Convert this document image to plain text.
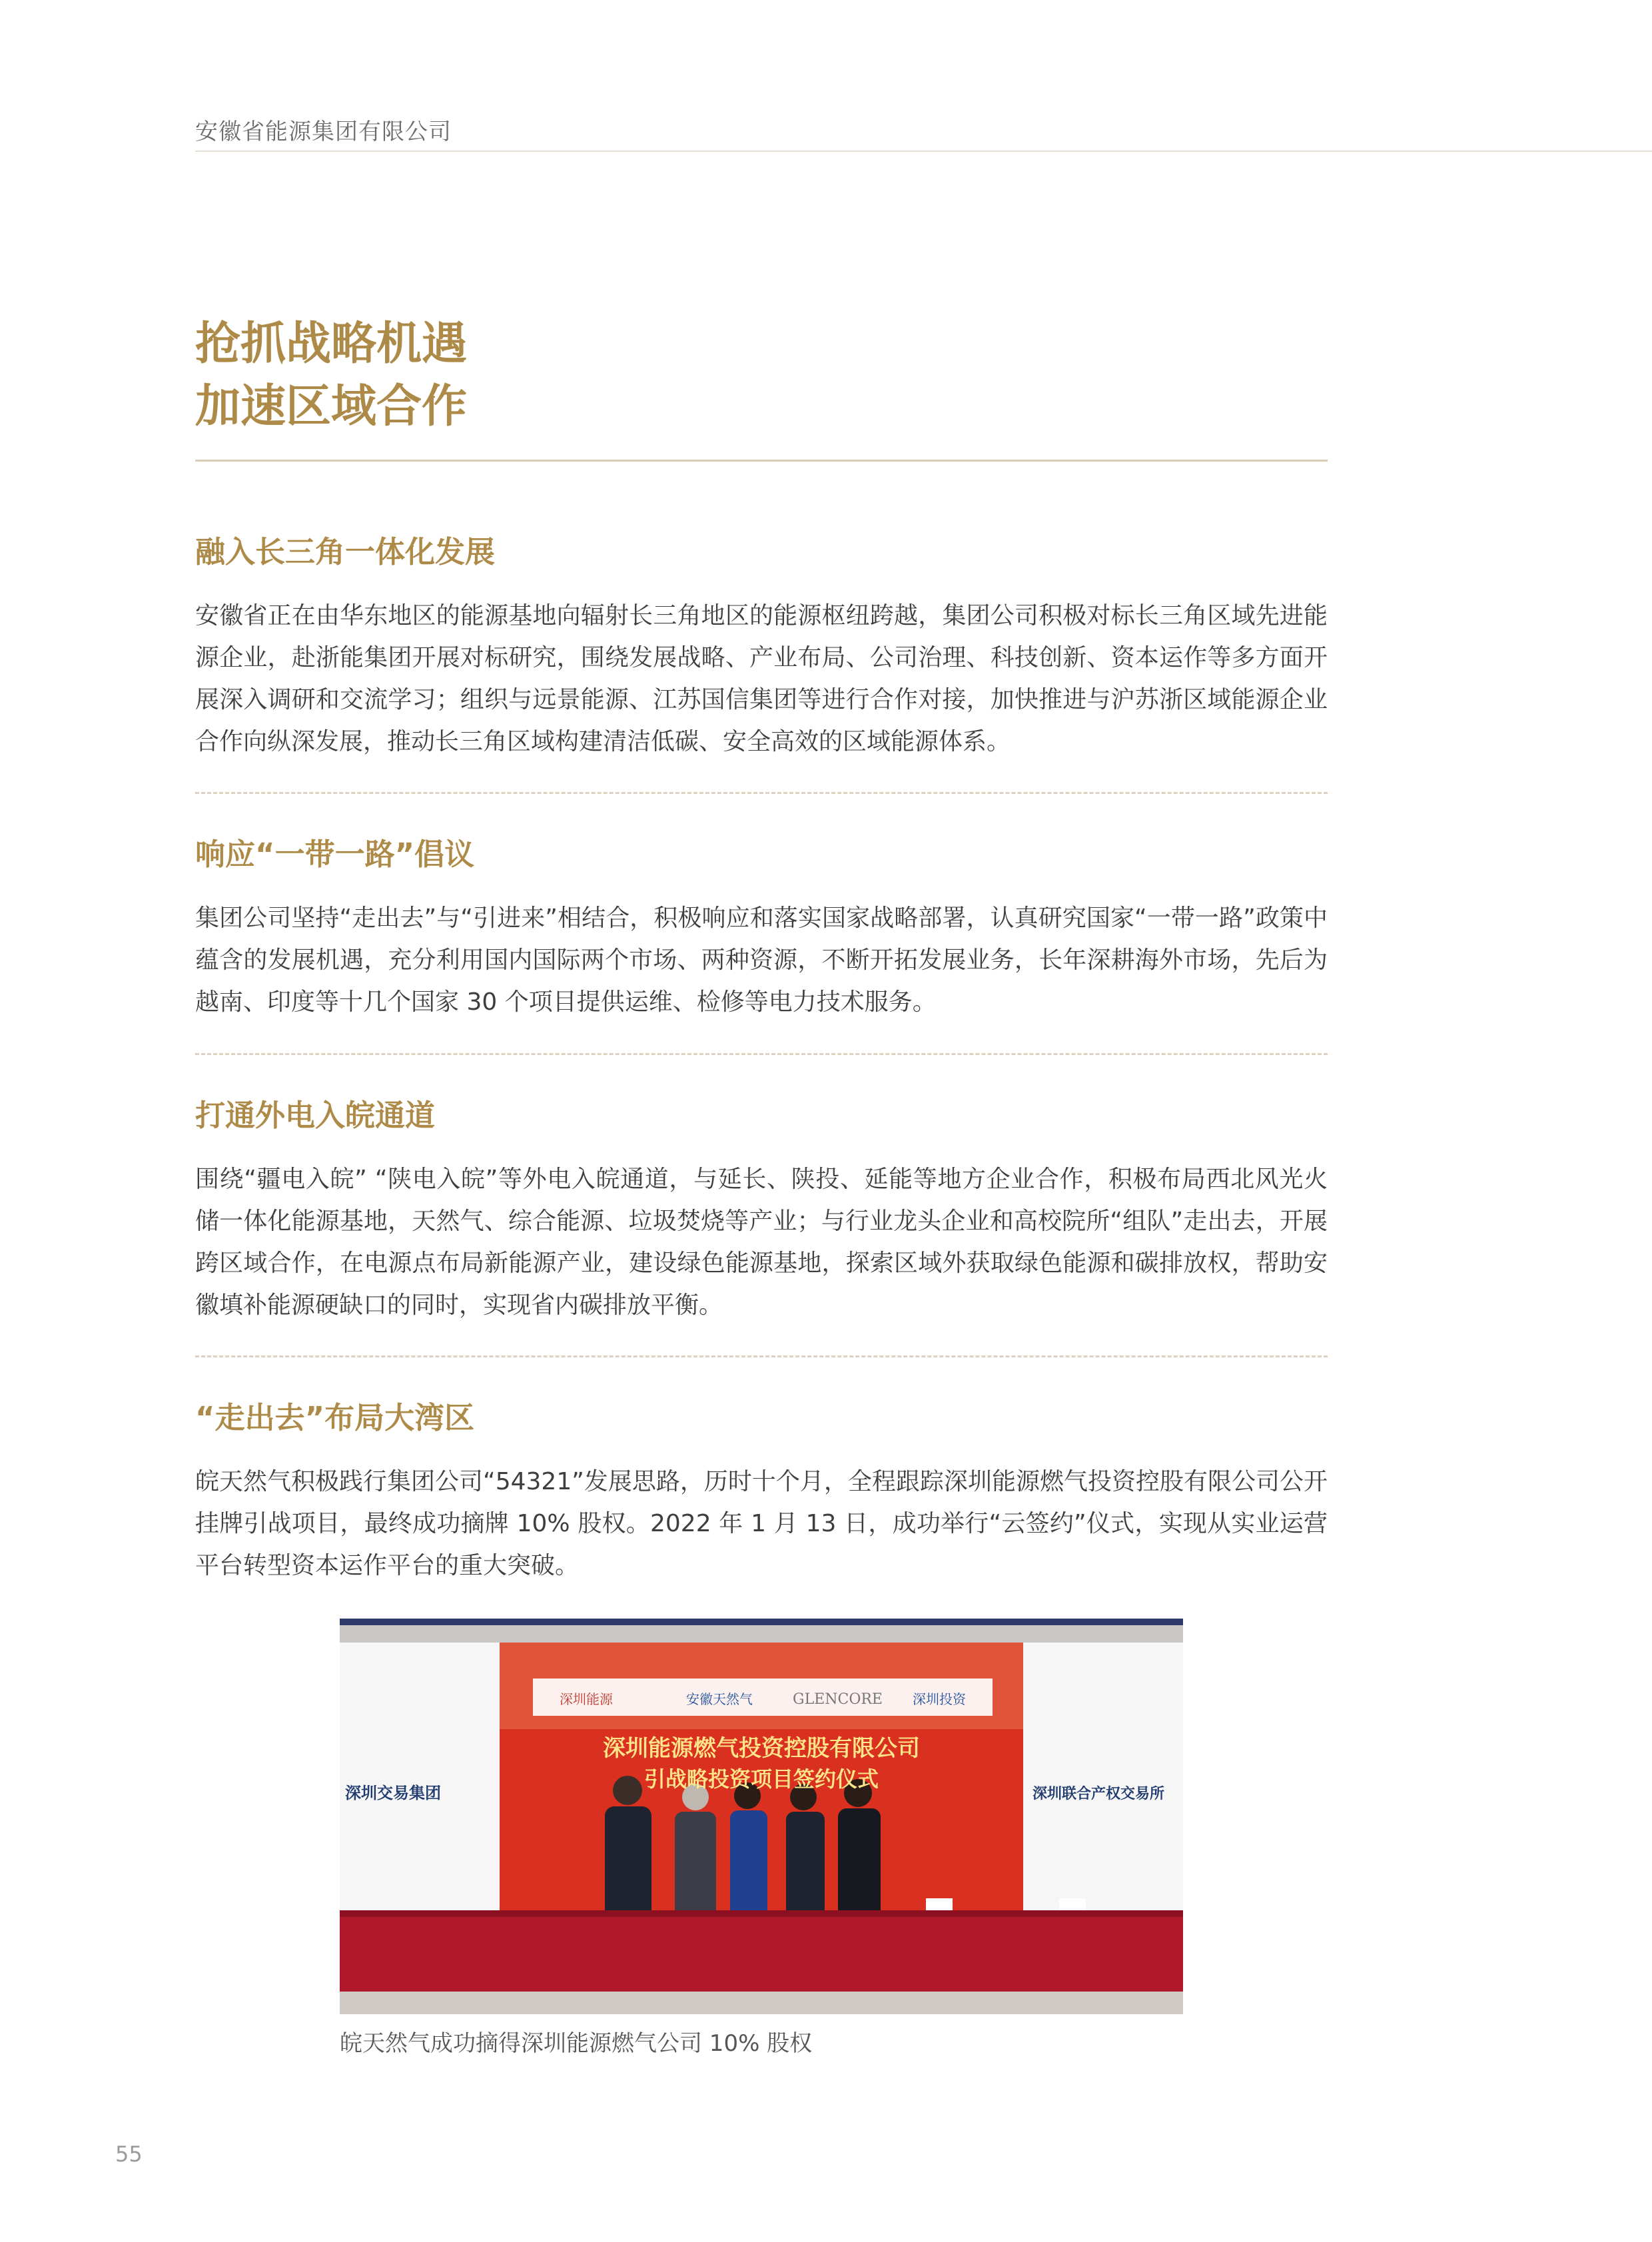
安徽省能源集团有限公司
抢抓战略机遇
加速区域合作
融入长三角一体化发展

安徽省正在由华东地区的能源基地向辐射长三角地区的能源枢纽跨越，集团公司积极对标长三角区域先进能源企业，赴浙能集团开展对标研究，围绕发展战略、产业布局、公司治理、科技创新、资本运作等多方面开展深入调研和交流学习；组织与远景能源、江苏国信集团等进行合作对接，加快推进与沪苏浙区域能源企业合作向纵深发展，推动长三角区域构建清洁低碳、安全高效的区域能源体系。

响应“一带一路”倡议

集团公司坚持“走出去”与“引进来”相结合，积极响应和落实国家战略部署，认真研究国家“一带一路”政策中蕴含的发展机遇，充分利用国内国际两个市场、两种资源，不断开拓发展业务，长年深耕海外市场，先后为越南、印度等十几个国家 30 个项目提供运维、检修等电力技术服务。

打通外电入皖通道

围绕“疆电入皖” “陕电入皖”等外电入皖通道，与延长、陕投、延能等地方企业合作，积极布局西北风光火储一体化能源基地，天然气、综合能源、垃圾焚烧等产业；与行业龙头企业和高校院所“组队”走出去，开展跨区域合作，在电源点布局新能源产业，建设绿色能源基地，探索区域外获取绿色能源和碳排放权，帮助安徽填补能源硬缺口的同时，实现省内碳排放平衡。

“走出去”布局大湾区

皖天然气积极践行集团公司“54321”发展思路，历时十个月，全程跟踪深圳能源燃气投资控股有限公司公开挂牌引战项目，最终成功摘牌 10% 股权。2022 年 1 月 13 日，成功举行“云签约”仪式，实现从实业运营平台转型资本运作平台的重大突破。

深圳能源	安徽天然气	GLENCORE 深圳投资
深圳能源燃气投资控股有限公司
引战略投资项目签约仪式
深圳交易集团	深圳联合产权交易所
皖天然气成功摘得深圳能源燃气公司 10% 股权
55
